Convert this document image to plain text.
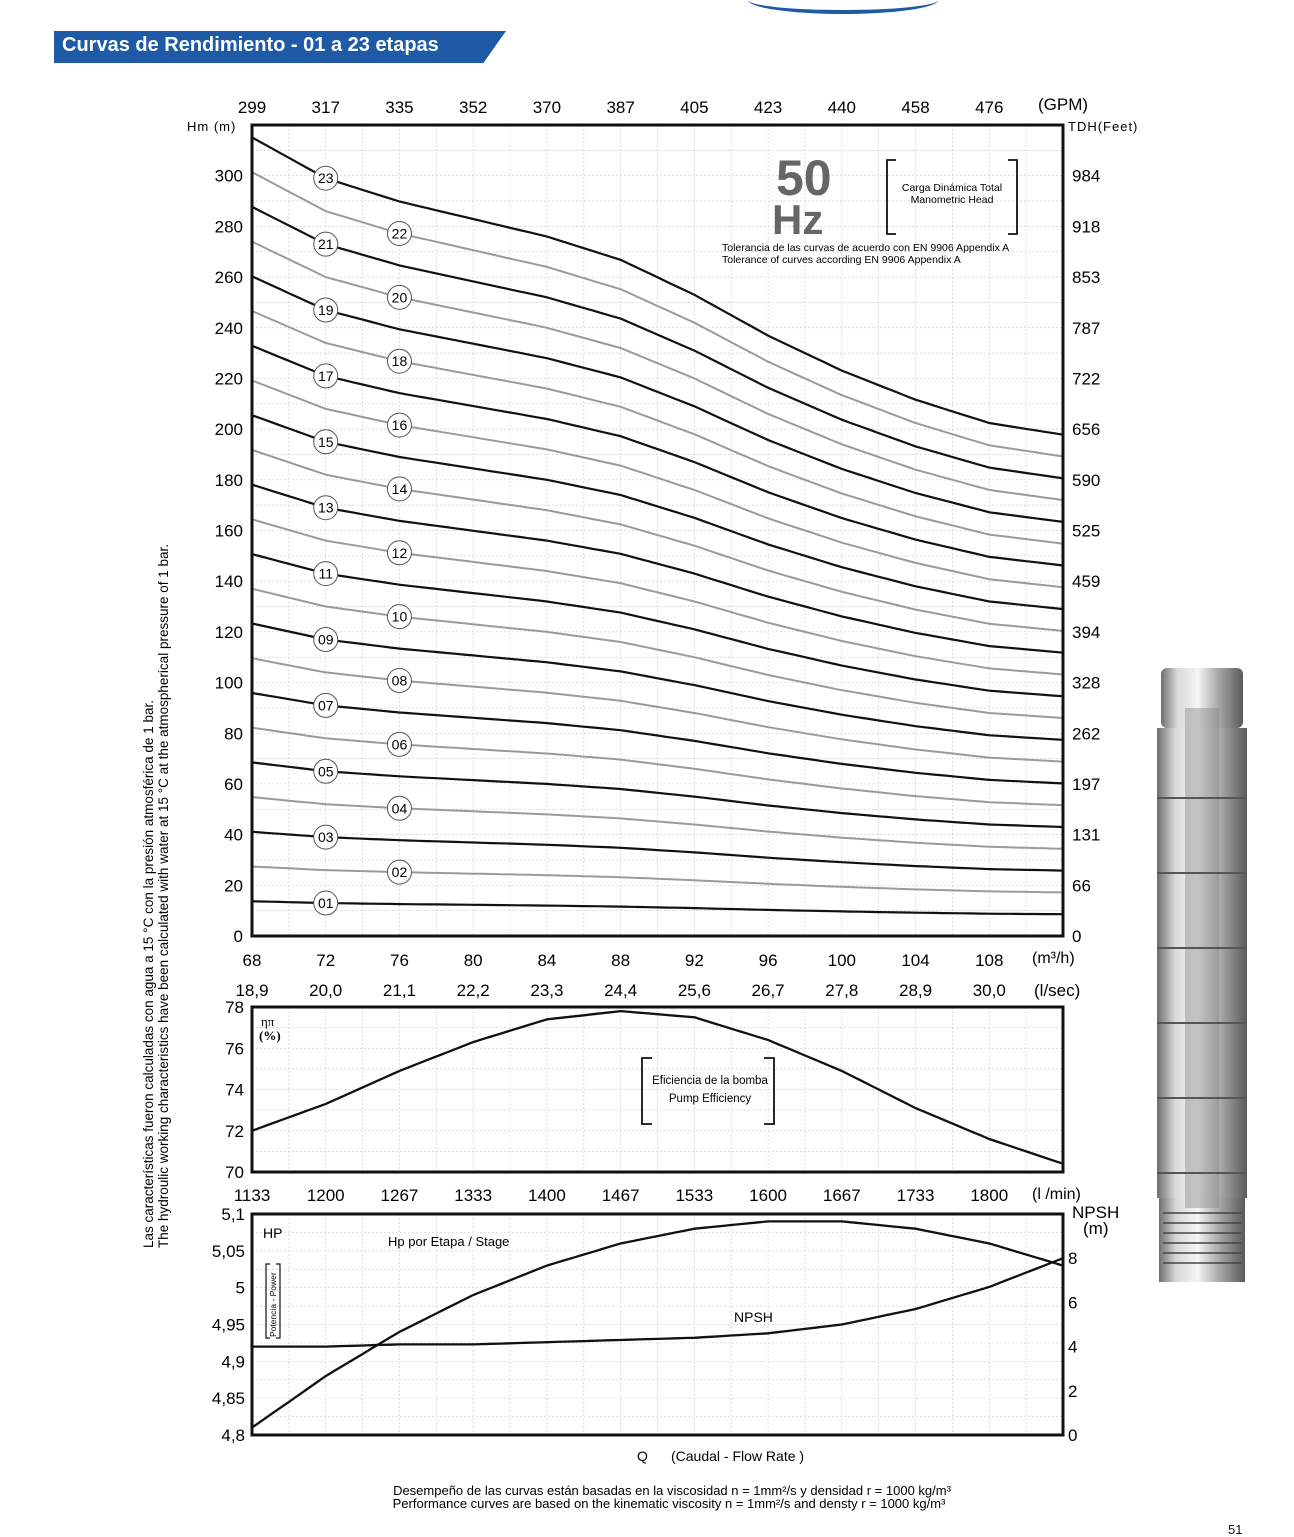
Curvas de Rendimiento - 01 a 23 etapas
01
02
03
04
05
06
07
08
09
10
11
12
13
14
15
16
17
18
19
20
21
22
23
0	0
20	66
40	131
60	197
80	262
100	328
120	394
140	459
160	525
180	590
200	656
220	722
240	787
260	853
280	918
300	984
299	317	335	352	370	387	405	423	440	458	476
68	72	76	80	84	88	92	96	100	104	108
18,9 20,0 21,1 22,2 23,3 24,4 25,6 26,7 27,8 28,9 30,0
70
72
74
76
78
4,8
4,85
4,9
4,95
5
5,05
5,1
0
2
4
6
8
1133 1200 1267 1333 1400 1467 1533 1600 1667 1733 1800
Hm (m)	TDH(Feet)
(GPM)
(m³/h)
(l/sec)
50
Hz
Carga Dinámica Total
Manometric Head
Tolerancia de las curvas de acuerdo con EN 9906 Appendix A
Tolerance of curves according EN 9906 Appendix A
ηπ
(%)
Eficiencia de la bomba
Pump Efficiency
(l /min)
NPSH
(m)
HP
Potencia - Power
Hp por Etapa / Stage
NPSH
Q (Caudal - Flow Rate )
Las características fueron calculadas con agua a 15 °C con la presión atmosférica de 1 bar. The hydroulic working characteristics have been calculated with water at 15 °C at the atmospherical pressure of 1 bar.
Desempeño de las curvas están basadas en la viscosidad n = 1mm²/s y densidad r = 1000 kg/m³
Performance curves are based on the kinematic viscosity n = 1mm²/s and densty r = 1000 kg/m³
51
